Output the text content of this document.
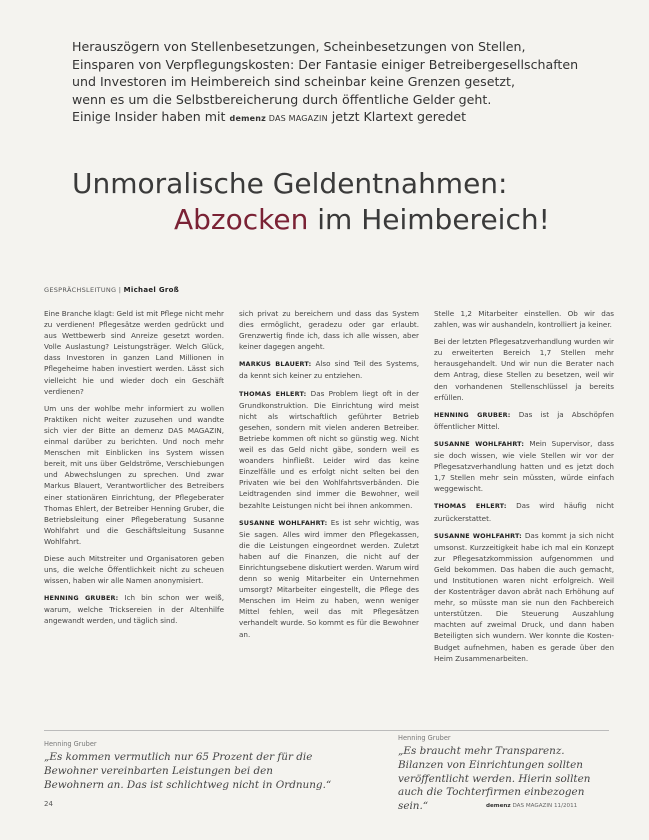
Herauszögern von Stellenbesetzungen, Scheinbesetzungen von Stellen,

Einsparen von Verpflegungskosten: Der Fantasie einiger Betreibergesellschaften

und Investoren im Heimbereich sind scheinbar keine Grenzen gesetzt,

wenn es um die Selbstbereicherung durch öffentliche Gelder geht.

Einige Insider haben mit demenz DAS MAGAZIN jetzt Klartext geredet

Unmoralische Geldentnahmen:
Abzocken im Heimbereich!
GESPRÄCHSLEITUNG | Michael Groß

Eine Branche klagt: Geld ist mit Pflege nicht mehr zu verdienen! Pflegesätze werden gedrückt und aus Wettbewerb sind Anreize gesetzt worden. Volle Auslastung? Leistungsträger. Welch Glück, dass Investoren in ganzen Land Millionen in Pflegeheime haben investiert werden. Lässt sich vielleicht hie und wieder doch ein Geschäft verdienen?

Um uns der wohlbe mehr informiert zu wollen Praktiken nicht weiter zuzusehen und wandte sich vier der Bitte an demenz DAS MAGAZIN, einmal darüber zu berichten. Und noch mehr Menschen mit Einblicken ins System wissen bereit, mit uns über Geldströme, Verschiebungen und Abwechslungen zu sprechen. Und zwar Markus Blauert, Verantwortlicher des Betreibers einer stationären Einrichtung, der Pflegeberater Thomas Ehlert, der Betreiber Henning Gruber, die Betriebsleitung einer Pflegeberatung Susanne Wohlfahrt und die Geschäftsleitung Susanne Wohlfahrt.

Diese auch Mitstreiter und Organisatoren geben uns, die welche Öffentlichkeit nicht zu scheuen wissen, haben wir alle Namen anonymisiert.

HENNING GRUBER: Ich bin schon wer weiß, warum, welche Tricksereien in der Altenhilfe angewandt werden, und täglich sind.

sich privat zu bereichern und dass das System dies ermöglicht, geradezu oder gar erlaubt. Grenzwertig finde ich, dass ich alle wissen, aber keiner dagegen angeht.

MARKUS BLAUERT: Also sind Teil des Systems, da kennt sich keiner zu entziehen.

THOMAS EHLERT: Das Problem liegt oft in der Grundkonstruktion. Die Einrichtung wird meist nicht als wirtschaftlich geführter Betrieb gesehen, sondern mit vielen anderen Betreiber. Betriebe kommen oft nicht so günstig weg. Nicht weil es das Geld nicht gäbe, sondern weil es woanders hinfließt. Leider wird das keine Einzelfälle und es erfolgt nicht selten bei den Privaten wie bei den Wohlfahrtsverbänden. Die Leidtragenden sind immer die Bewohner, weil bezahlte Leistungen nicht bei ihnen ankommen.

SUSANNE WOHLFAHRT: Es ist sehr wichtig, was Sie sagen. Alles wird immer den Pflegekassen, die die Leistungen eingeordnet werden. Zuletzt haben auf die Finanzen, die nicht auf der Einrichtungsebene diskutiert werden. Warum wird denn so wenig Mitarbeiter ein Unternehmen umsorgt? Mitarbeiter eingestellt, die Pflege des Menschen im Heim zu haben, wenn weniger Mittel fehlen, weil das mit Pflegesätzen verhandelt wurde. So kommt es für die Bewohner an.

Stelle 1,2 Mitarbeiter einstellen. Ob wir das zahlen, was wir aushandeln, kontrolliert ja keiner.

Bei der letzten Pflegesatzverhandlung wurden wir zu erweiterten Bereich 1,7 Stellen mehr herausgehandelt. Und wir nun die Berater nach dem Antrag, diese Stellen zu besetzen, weil wir den vorhandenen Stellenschlüssel ja bereits erfüllen.

HENNING GRUBER: Das ist ja Abschöpfen öffentlicher Mittel.

SUSANNE WOHLFAHRT: Mein Supervisor, dass sie doch wissen, wie viele Stellen wir vor der Pflegesatzverhandlung hatten und es jetzt doch 1,7 Stellen mehr sein müssten, würde einfach weggewischt.

THOMAS EHLERT: Das wird häufig nicht zurückerstattet.

SUSANNE WOHLFAHRT: Das kommt ja sich nicht umsonst. Kurzzeitigkeit habe ich mal ein Konzept zur Pflegesatzkommission aufgenommen und Geld bekommen. Das haben die auch gemacht, und Institutionen waren nicht erfolgreich. Weil der Kostenträger davon abrät nach Erhöhung auf mehr, so müsste man sie nun den Fachbereich unterstützen. Die Steuerung Auszahlung machten auf zweimal Druck, und dann haben Beteiligten sich wundern. Wer konnte die Kosten-Budget aufnehmen, haben es gerade über den Heim Zusammenarbeiten.

Henning Gruber
„Es kommen vermutlich nur 65 Prozent der für die Bewohner vereinbarten Leistungen bei den Bewohnern an. Das ist schlichtweg nicht in Ordnung.“
Henning Gruber
„Es braucht mehr Transparenz. Bilanzen von Einrichtungen sollten veröffentlicht werden. Hierin sollten auch die Tochterfirmen einbezogen sein.“
24	demenz DAS MAGAZIN 11/2011
